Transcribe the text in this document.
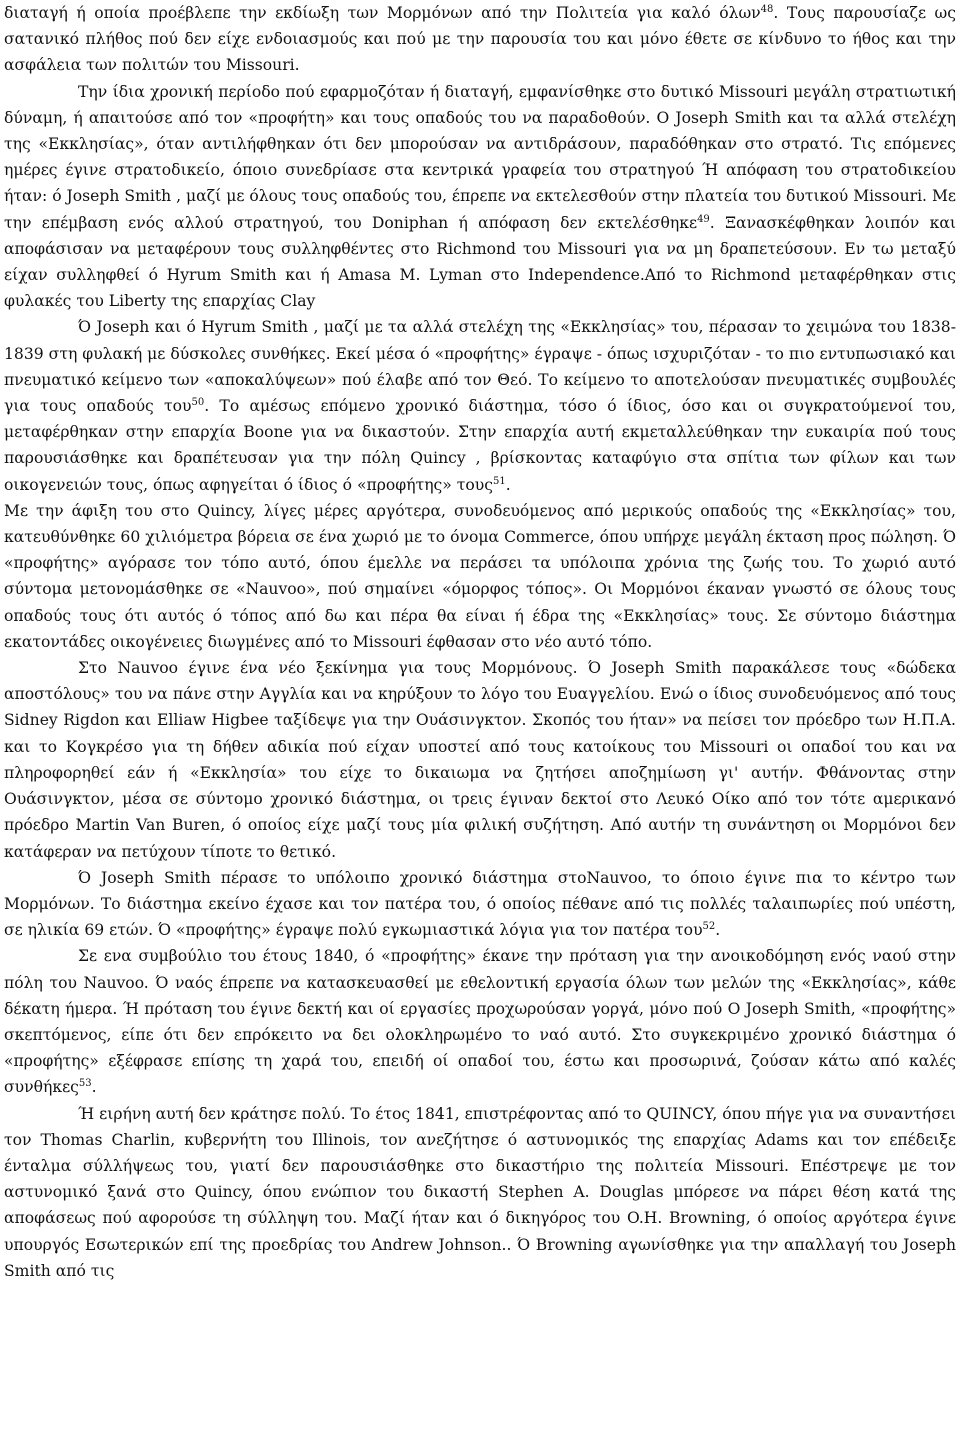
διαταγή ή οποία προέβλεπε την εκδίωξη των Μορμόνων από την Πολιτεία για καλό όλων$^{48}$. Τους παρουσίαζε ως σατανικό πλήθος πού δεν είχε ενδοιασμούς και πού με την παρουσία του και μόνο έθετε σε κίνδυνο το ήθος και την ασφάλεια των πολιτών του Missouri.

Την ίδια χρονική περίοδο πού εφαρμοζόταν ή διαταγή, εμφανίσθηκε στο δυτικό Missouri μεγάλη στρατιωτική δύναμη, ή απαιτούσε από τον «προφήτη» και τους οπαδούς του να παραδοθούν. Ο Joseph Smith και τα αλλά στελέχη της «Εκκλησίας», όταν αντιλήφθηκαν ότι δεν μπορούσαν να αντιδράσουν, παραδόθηκαν στο στρατό. Τις επόμενες ημέρες έγινε στρατοδικείο, όποιο συνεδρίασε στα κεντρικά γραφεία του στρατηγού Ή απόφαση του στρατοδικείου ήταν: ό Joseph Smith , μαζί με όλους τους οπαδούς του, έπρεπε να εκτελεσθούν στην πλατεία του δυτικού Missouri. Με την επέμβαση ενός αλλού στρατηγού, του Doniphan ή απόφαση δεν εκτελέσθηκε$^{49}$. Ξανασκέφθηκαν λοιπόν και αποφάσισαν να μεταφέρουν τους συλληφθέντες στο Richmond του Missouri για να μη δραπετεύσουν. Εν τω μεταξύ είχαν συλληφθεί ό Hyrum Smith και ή Amasa M. Lyman στο Independence.Από το Richmond μεταφέρθηκαν στις φυλακές του Liberty της επαρχίας Clay

Ό Joseph και ό Hyrum Smith , μαζί με τα αλλά στελέχη της «Εκκλησίας» του, πέρασαν το χειμώνα του 1838-1839 στη φυλακή με δύσκολες συνθήκες. Εκεί μέσα ό «προφήτης» έγραψε - όπως ισχυριζόταν - το πιο εντυπωσιακό και πνευματικό κείμενο των «αποκαλύψεων» πού έλαβε από τον Θεό. Το κείμενο το αποτελούσαν πνευματικές συμβουλές για τους οπαδούς του$^{50}$. Το αμέσως επόμενο χρονικό διάστημα, τόσο ό ίδιος, όσο και οι συγκρατούμενοί του, μεταφέρθηκαν στην επαρχία Boone για να δικαστούν. Στην επαρχία αυτή εκμεταλλεύθηκαν την ευκαιρία πού τους παρουσιάσθηκε και δραπέτευσαν για την πόλη Quincy , βρίσκοντας καταφύγιο στα σπίτια των φίλων και των οικογενειών τους, όπως αφηγείται ό ίδιος ό «προφήτης» τους$^{51}$.

Με την άφιξη του στο Quincy, λίγες μέρες αργότερα, συνοδευόμενος από μερικούς οπαδούς της «Εκκλησίας» του, κατευθύνθηκε 60 χιλιόμετρα βόρεια σε ένα χωριό με το όνομα Commerce, όπου υπήρχε μεγάλη έκταση προς πώληση. Ό «προφήτης» αγόρασε τον τόπο αυτό, όπου έμελλε να περάσει τα υπόλοιπα χρόνια της ζωής του. Το χωριό αυτό σύντομα μετονομάσθηκε σε «Nauvoo», πού σημαίνει «όμορφος τόπος». Οι Μορμόνοι έκαναν γνωστό σε όλους τους οπαδούς τους ότι αυτός ό τόπος από δω και πέρα θα είναι ή έδρα της «Εκκλησίας» τους. Σε σύντομο διάστημα εκατοντάδες οικογένειες διωγμένες από το Missouri έφθασαν στο νέο αυτό τόπο.

Στο Nauvoo έγινε ένα νέο ξεκίνημα για τους Μορμόνους. Ό Joseph Smith παρακάλεσε τους «δώδεκα αποστόλους» του να πάνε στην Αγγλία και να κηρύξουν το λόγο του Ευαγγελίου. Ενώ ο ίδιος συνοδευόμενος από τους Sidney Rigdon και Elliaw Higbee ταξίδεψε για την Ουάσινγκτον. Σκοπός του ήταν» να πείσει τον πρόεδρο των Η.Π.Α. και το Κογκρέσο για τη δήθεν αδικία πού είχαν υποστεί από τους κατοίκους του Missouri οι οπαδοί του και να πληροφορηθεί εάν ή «Εκκλησία» του είχε το δικαιωμα να ζητήσει αποζημίωση γι' αυτήν. Φθάνοντας στην Ουάσινγκτον, μέσα σε σύντομο χρονικό διάστημα, οι τρεις έγιναν δεκτοί στο Λευκό Οίκο από τον τότε αμερικανό πρόεδρο Martin Van Buren, ό οποίος είχε μαζί τους μία φιλική συζήτηση. Από αυτήν τη συνάντηση οι Μορμόνοι δεν κατάφεραν να πετύχουν τίποτε το θετικό.

Ό Joseph Smith πέρασε το υπόλοιπο χρονικό διάστημα στοNauvoo, το όποιο έγινε πια το κέντρο των Μορμόνων. Το διάστημα εκείνο έχασε και τον πατέρα του, ό οποίος πέθανε από τις πολλές ταλαιπωρίες πού υπέστη, σε ηλικία 69 ετών. Ό «προφήτης» έγραψε πολύ εγκωμιαστικά λόγια για τον πατέρα του$^{52}$.

Σε ενα συμβούλιο του έτους 1840, ό «προφήτης» έκανε την πρόταση για την ανοικοδόμηση ενός ναού στην πόλη του Nauvoo. Ό ναός έπρεπε να κατασκευασθεί με εθελοντική εργασία όλων των μελών της «Εκκλησίας», κάθε δέκατη ήμερα. Ή πρόταση του έγινε δεκτή και οί εργασίες προχωρούσαν γοργά, μόνο πού Ο Joseph Smith, «προφήτης» σκεπτόμενος, είπε ότι δεν επρόκειτο να δει ολοκληρωμένο το ναό αυτό. Στο συγκεκριμένο χρονικό διάστημα ό «προφήτης» εξέφρασε επίσης τη χαρά του, επειδή οί οπαδοί του, έστω και προσωρινά, ζούσαν κάτω από καλές συνθήκες$^{53}$.

Ή ειρήνη αυτή δεν κράτησε πολύ. Το έτος 1841, επιστρέφοντας από το QUINCY, όπου πήγε για να συναντήσει τον Thomas Charlin, κυβερνήτη του Illinois, τον ανεζήτησε ό αστυνομικός της επαρχίας Adams και τον επέδειξε ένταλμα σύλλήψεως του, γιατί δεν παρουσιάσθηκε στο δικαστήριο της πολιτεία Missouri. Επέστρεψε με τον αστυνομικό ξανά στο Quincy, όπου ενώπιον του δικαστή Stephen A. Douglas μπόρεσε να πάρει θέση κατά της αποφάσεως πού αφορούσε τη σύλληψη του. Μαζί ήταν και ό δικηγόρος του O.H. Browning, ό οποίος αργότερα έγινε υπουργός Εσωτερικών επί της προεδρίας του Andrew Johnson.. Ό Browning αγωνίσθηκε για την απαλλαγή του Joseph Smith από τις
